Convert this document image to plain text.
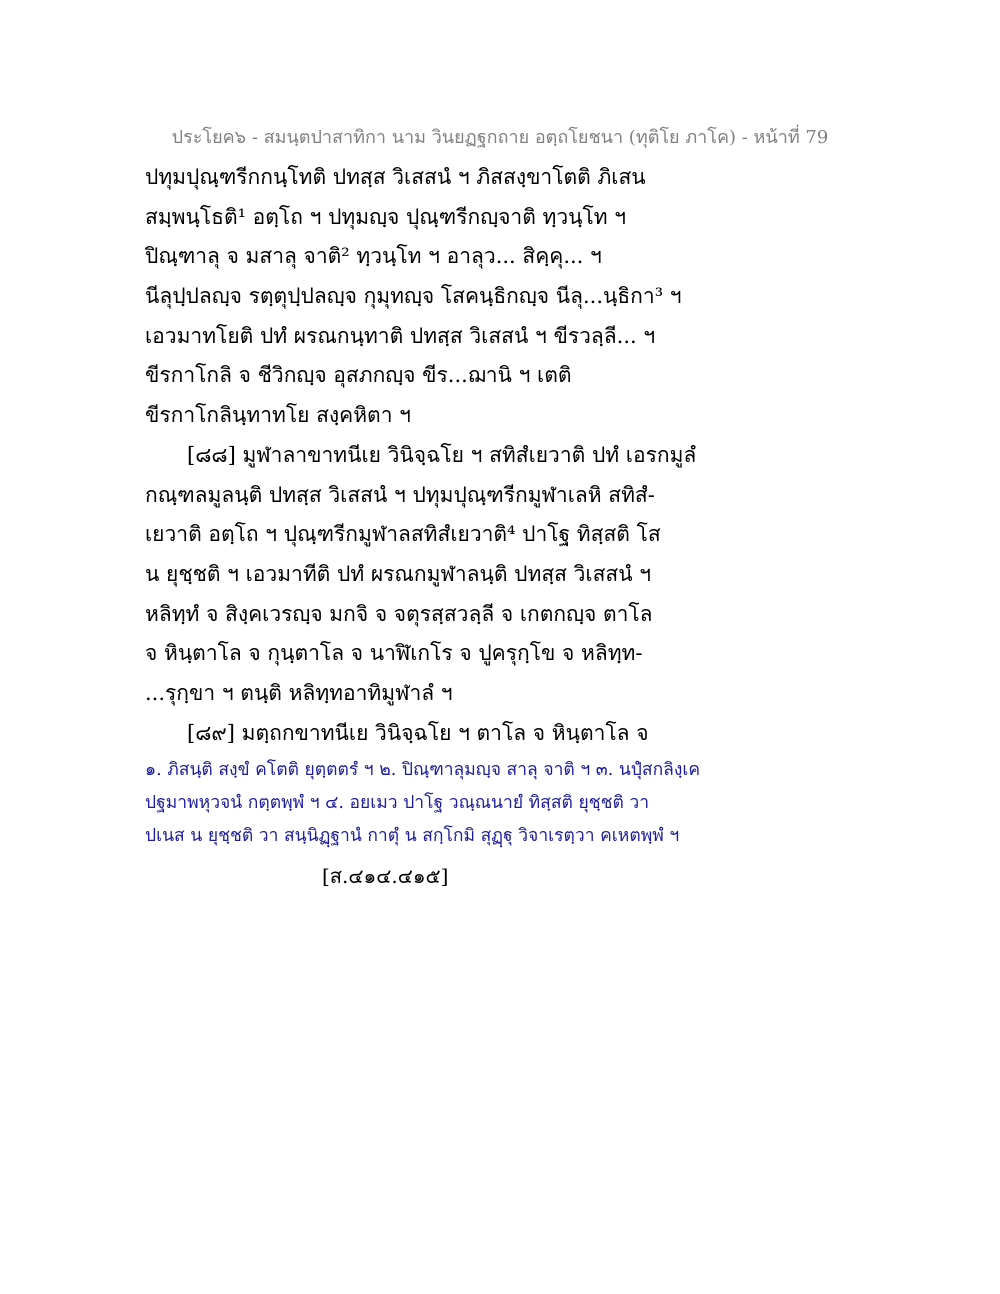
ประโยค๖ - สมนฺตปาสาทิกา นาม วินยฏฐกถาย อตฺถโยชนา (ทุติโย ภาโค) - หน้าที่ 79
ปทุมปุณฺฑรีกกนฺโทติ ปทสฺส วิเสสนํ ฯ ภิสสงฺขาโตติ ภิเสน
สมฺพนฺโธติ¹ อตฺโถ ฯ ปทุมญฺจ ปุณฺฑรีกญฺจาติ ทฺวนฺโท ฯ
ปิณฺฑาลุ จ มสาลุ จาติ² ทฺวนฺโท ฯ อาลุว... สิคฺคุ... ฯ
นีลุปฺปลญฺจ รตฺตุปฺปลญฺจ กุมุทญฺจ โสคนฺธิกญฺจ นีลุ...นฺธิกา³ ฯ
เอวมาทโยติ ปทํ ผรณกนฺทาติ ปทสฺส วิเสสนํ ฯ ขีรวลฺลี... ฯ
ขีรกาโกลิ จ ชีวิกญฺจ อุสภกญฺจ ขีร...ฌานิ ฯ เตติ
ขีรกาโกลินฺทาทโย สงฺคหิตา ฯ
[๘๘] มูฬาลาขาทนีเย วินิจฺฉโย ฯ สทิสํเยวาติ ปทํ เอรกมูลํ
กณฺฑลมูลนฺติ ปทสฺส วิเสสนํ ฯ ปทุมปุณฺฑรีกมูฬาเลหิ สทิสํ-
เยวาติ อตฺโถ ฯ ปุณฺฑรีกมูฬาลสทิสํเยวาติ⁴ ปาโฐ ทิสฺสติ โส
น ยุชฺชติ ฯ เอวมาทีติ ปทํ ผรณกมูฬาลนฺติ ปทสฺส วิเสสนํ ฯ
หลิทฺทํ จ สิงฺคเวรญฺจ มกจิ จ จตุรสฺสวลฺลี จ เกตกญฺจ ตาโล
จ หินฺตาโล จ กุนฺตาโล จ นาฬิเกโร จ ปูครุกฺโข จ หลิทฺท-
...รุกฺขา ฯ ตนฺติ หลิทฺทอาทิมูฬาลํ ฯ
[๘๙] มตฺถกขาทนีเย วินิจฺฉโย ฯ ตาโล จ หินฺตาโล จ
๑. ภิสนฺติ สงฺขํ คโตติ ยุตฺตตรํ ฯ ๒. ปิณฺฑาลุมญฺจ สาลุ จาติ ฯ ๓. นปุํสกลิงฺเค
ปฐมาพหุวจนํ กตฺตพฺพํ ฯ ๔. อยเมว ปาโฐ วณฺณนายํ ทิสฺสติ ยุชฺชติ วา
ปเนส น ยุชฺชติ วา สนฺนิฏฺฐานํ กาตุํ น สกฺโกมิ สุฏฺฐุ วิจาเรตฺวา คเหตพฺพํ ฯ
[ส.๔๑๔.๔๑๕]
